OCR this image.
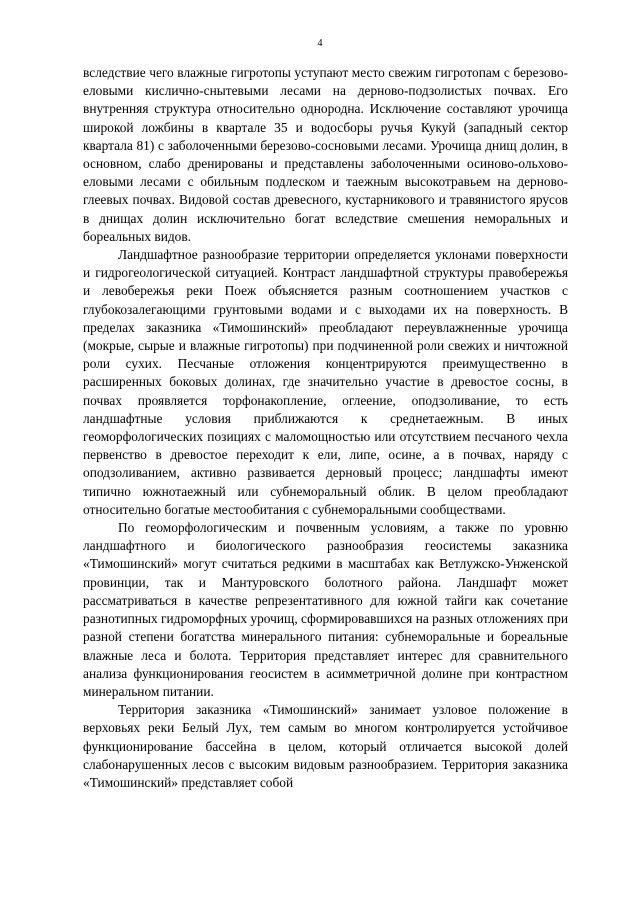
4

вследствие чего влажные гигротопы уступают место свежим гигротопам с березово-еловыми кислично-снытевыми лесами на дерново-подзолистых почвах. Его внутренняя структура относительно однородна. Исключение составляют урочища широкой ложбины в квартале 35 и водосборы ручья Кукуй (западный сектор квартала 81) с заболоченными березово-сосновыми лесами. Урочища днищ долин, в основном, слабо дренированы и представлены заболоченными осиново-ольхово-еловыми лесами с обильным подлеском и таежным высокотравьем на дерново-глеевых почвах. Видовой состав древесного, кустарникового и травянистого ярусов в днищах долин исключительно богат вследствие смешения неморальных и бореальных видов.

Ландшафтное разнообразие территории определяется уклонами поверхности и гидрогеологической ситуацией. Контраст ландшафтной структуры правобережья и левобережья реки Поеж объясняется разным соотношением участков с глубокозалегающими грунтовыми водами и с выходами их на поверхность. В пределах заказника «Тимошинский» преобладают переувлажненные урочища (мокрые, сырые и влажные гигротопы) при подчиненной роли свежих и ничтожной роли сухих. Песчаные отложения концентрируются преимущественно в расширенных боковых долинах, где значительно участие в древостое сосны, в почвах проявляется торфонакопление, оглеение, оподзоливание, то есть ландшафтные условия приближаются к среднетаежным. В иных геоморфологических позициях с маломощностью или отсутствием песчаного чехла первенство в древостое переходит к ели, липе, осине, а в почвах, наряду с оподзоливанием, активно развивается дерновый процесс; ландшафты имеют типично южнотаежный или субнеморальный облик. В целом преобладают относительно богатые местообитания с субнеморальными сообществами.

По геоморфологическим и почвенным условиям, а также по уровню ландшафтного и биологического разнообразия геосистемы заказника «Тимошинский» могут считаться редкими в масштабах как Ветлужско-Унженской провинции, так и Мантуровского болотного района. Ландшафт может рассматриваться в качестве репрезентативного для южной тайги как сочетание разнотипных гидроморфных урочищ, сформировавшихся на разных отложениях при разной степени богатства минерального питания: субнеморальные и бореальные влажные леса и болота. Территория представляет интерес для сравнительного анализа функционирования геосистем в асимметричной долине при контрастном минеральном питании.

Территория заказника «Тимошинский» занимает узловое положение в верховьях реки Белый Лух, тем самым во многом контролируется устойчивое функционирование бассейна в целом, который отличается высокой долей слабонарушенных лесов с высоким видовым разнообразием. Территория заказника «Тимошинский» представляет собой
